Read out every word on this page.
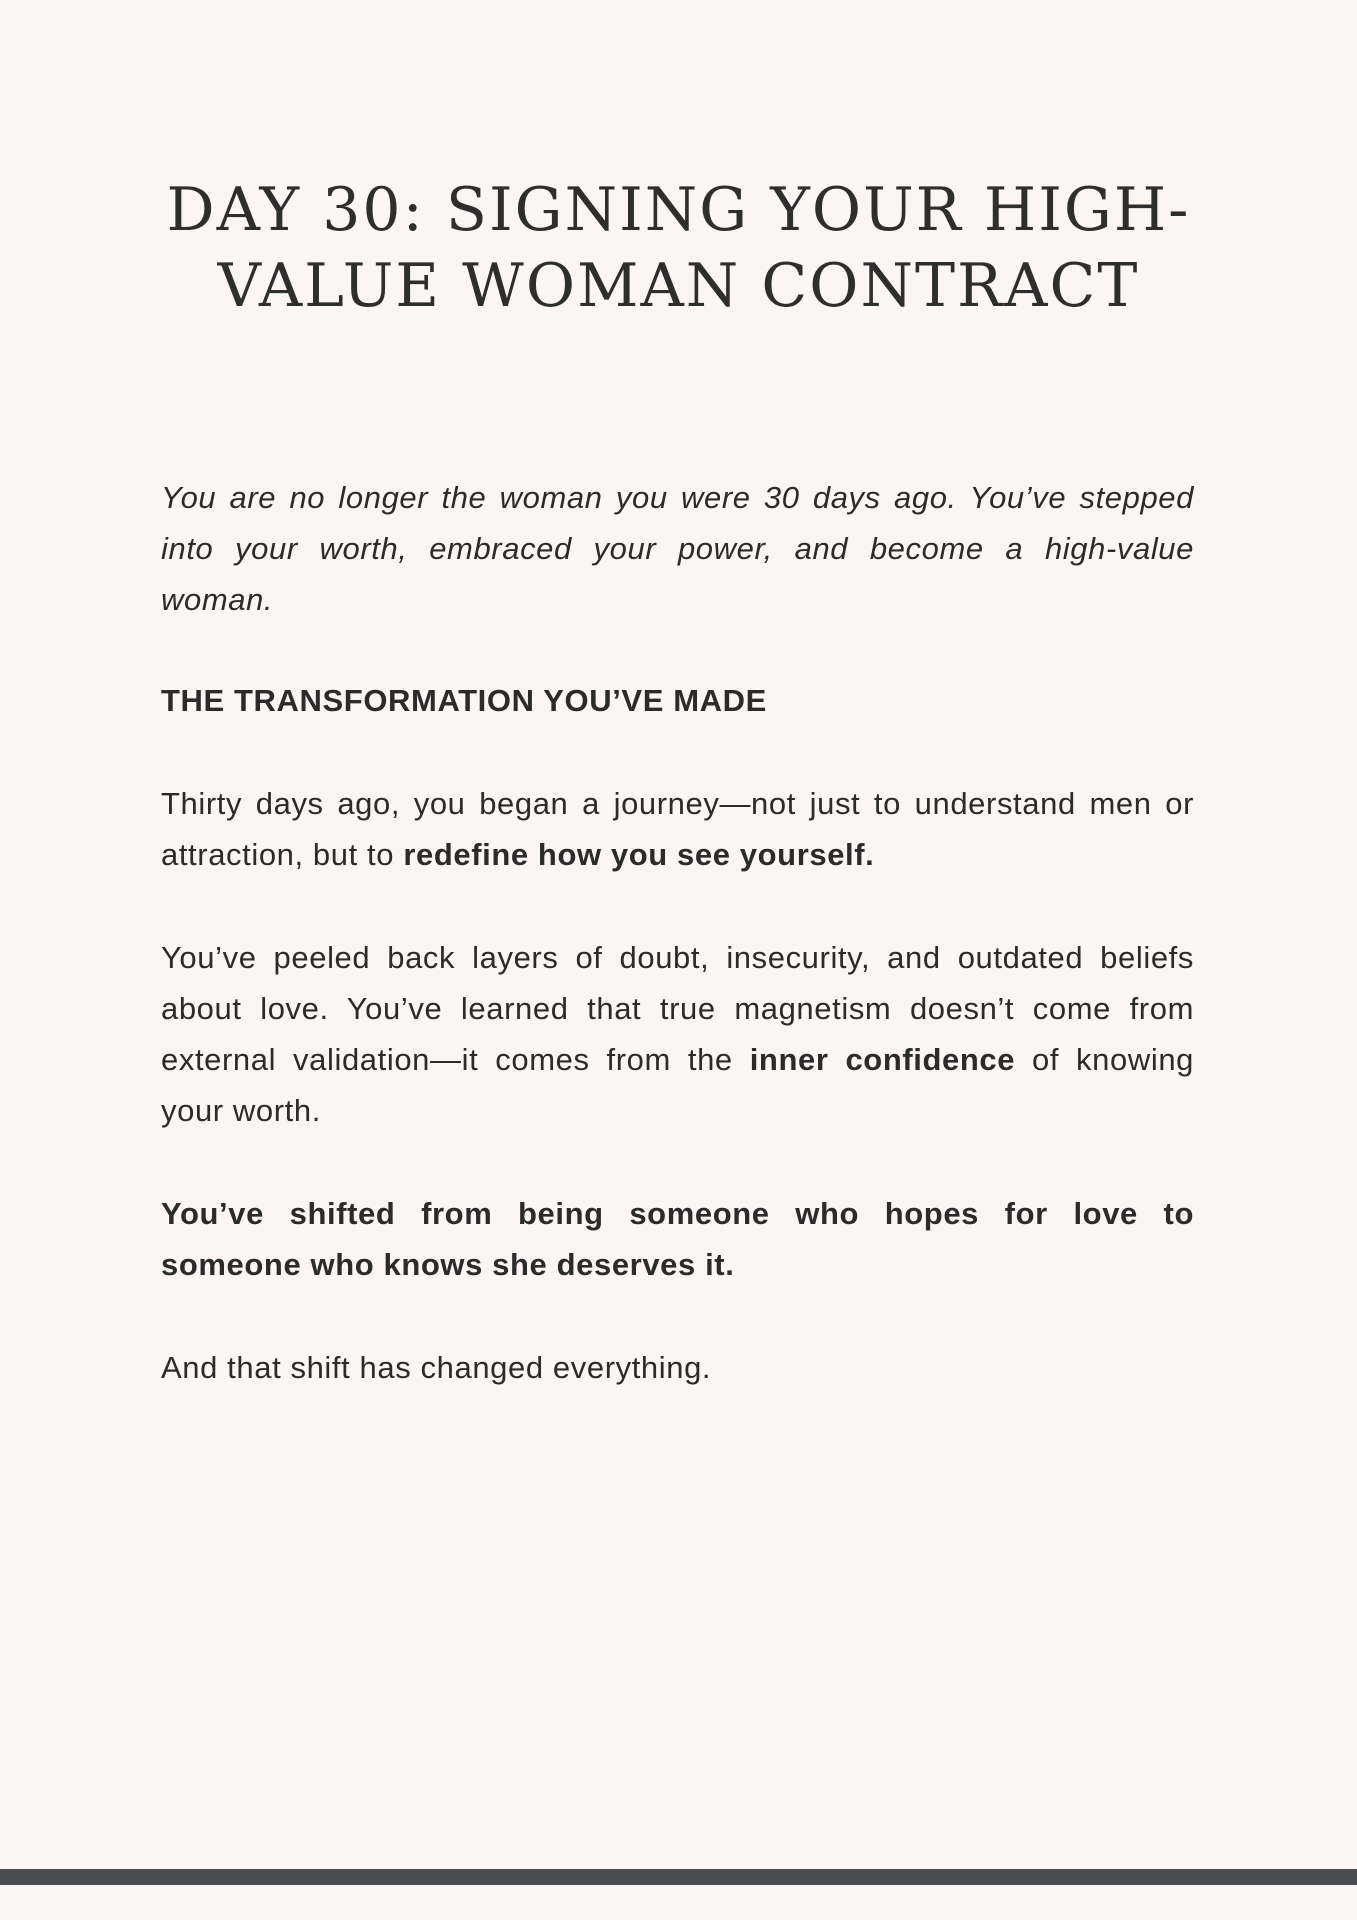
DAY 30: SIGNING YOUR HIGH-
VALUE WOMAN CONTRACT

You are no longer the woman you were 30 days ago. You’ve stepped into your worth, embraced your power, and become a high-value woman.

THE TRANSFORMATION YOU’VE MADE

Thirty days ago, you began a journey—not just to understand men or attraction, but to redefine how you see yourself.

You’ve peeled back layers of doubt, insecurity, and outdated beliefs about love. You’ve learned that true magnetism doesn’t come from external validation—it comes from the inner confidence of knowing your worth.

You’ve shifted from being someone who hopes for love to someone who knows she deserves it.

And that shift has changed everything.
